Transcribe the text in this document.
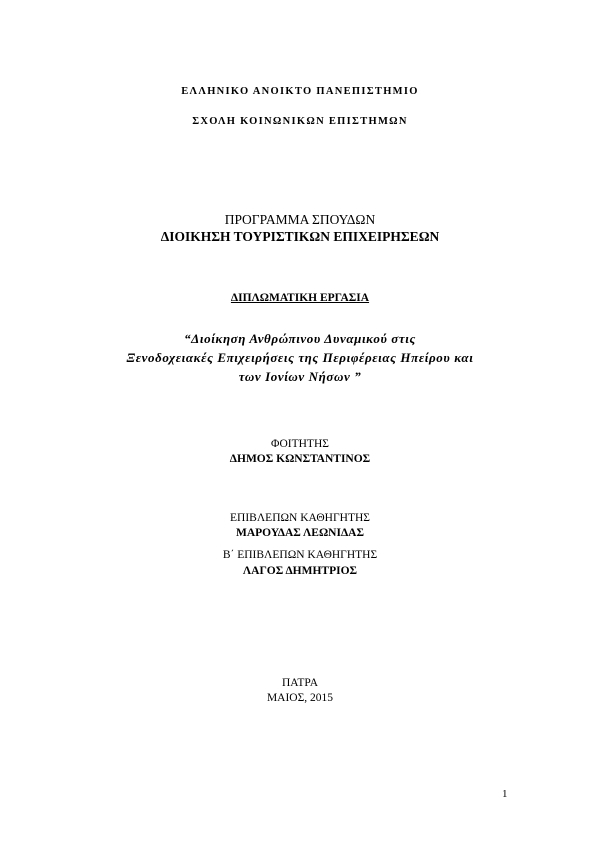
ΕΛΛΗΝΙΚΟ ΑΝΟΙΚΤΟ ΠΑΝΕΠΙΣΤΗΜΙΟ
ΣΧΟΛΗ ΚΟΙΝΩΝΙΚΩΝ ΕΠΙΣΤΗΜΩΝ
ΠΡΟΓΡΑΜΜΑ ΣΠΟΥΔΩΝ
ΔΙΟΙΚΗΣΗ ΤΟΥΡΙΣΤΙΚΩΝ ΕΠΙΧΕΙΡΗΣΕΩΝ
ΔΙΠΛΩΜΑΤΙΚΗ ΕΡΓΑΣΙΑ
“Διοίκηση Ανθρώπινου Δυναμικού στις
Ξενοδοχειακές Επιχειρήσεις της Περιφέρειας Ηπείρου και
των Ιονίων Νήσων ”
ΦΟΙΤΗΤΗΣ
ΔΗΜΟΣ ΚΩΝΣΤΑΝΤΙΝΟΣ
ΕΠΙΒΛΕΠΩΝ ΚΑΘΗΓΗΤΗΣ
ΜΑΡΟΥΔΑΣ ΛΕΩΝΙΔΑΣ
Β΄ ΕΠΙΒΛΕΠΩΝ ΚΑΘΗΓΗΤΗΣ
ΛΑΓΟΣ ΔΗΜΗΤΡΙΟΣ
ΠΑΤΡΑ
ΜΑΙΟΣ, 2015
1
